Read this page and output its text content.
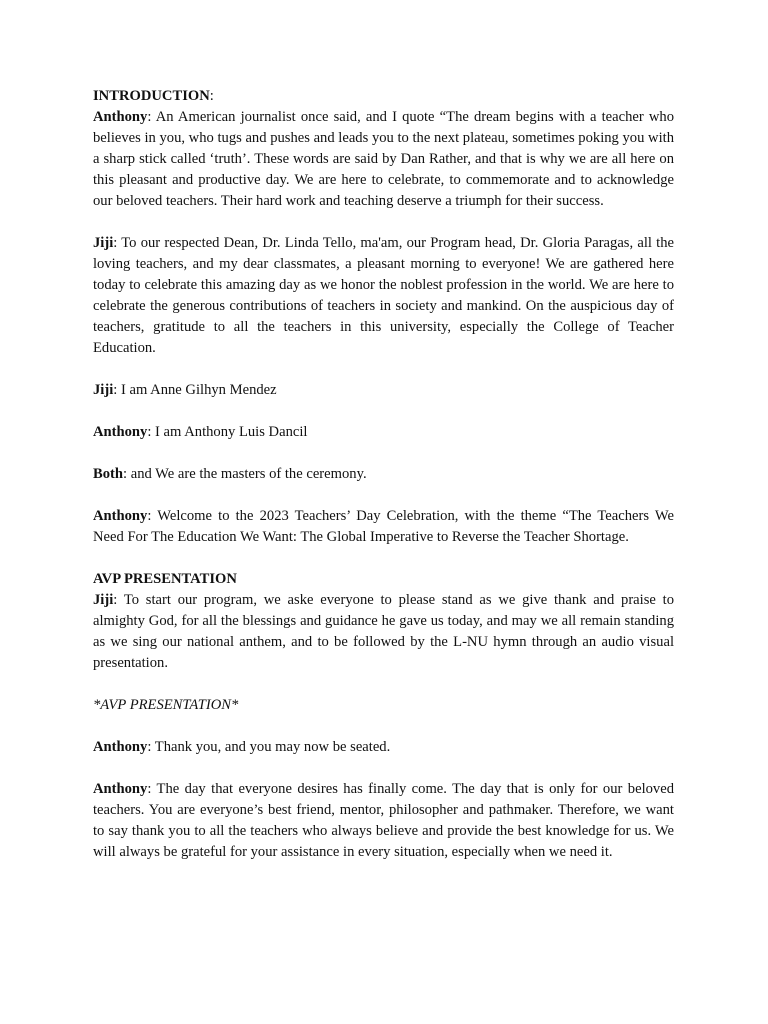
INTRODUCTION:
Anthony: An American journalist once said, and I quote “The dream begins with a teacher who believes in you, who tugs and pushes and leads you to the next plateau, sometimes poking you with a sharp stick called ‘truth’. These words are said by Dan Rather, and that is why we are all here on this pleasant and productive day. We are here to celebrate, to commemorate and to acknowledge our beloved teachers. Their hard work and teaching deserve a triumph for their success.

Jiji: To our respected Dean, Dr. Linda Tello, ma'am, our Program head, Dr. Gloria Paragas, all the loving teachers, and my dear classmates, a pleasant morning to everyone! We are gathered here today to celebrate this amazing day as we honor the noblest profession in the world. We are here to celebrate the generous contributions of teachers in society and mankind. On the auspicious day of teachers, gratitude to all the teachers in this university, especially the College of Teacher Education.

Jiji: I am Anne Gilhyn Mendez

Anthony: I am Anthony Luis Dancil

Both: and We are the masters of the ceremony.

Anthony: Welcome to the 2023 Teachers’ Day Celebration, with the theme “The Teachers We Need For The Education We Want: The Global Imperative to Reverse the Teacher Shortage.

AVP PRESENTATION
Jiji: To start our program, we aske everyone to please stand as we give thank and praise to almighty God, for all the blessings and guidance he gave us today, and may we all remain standing as we sing our national anthem, and to be followed by the L-NU hymn through an audio visual presentation.

*AVP PRESENTATION*

Anthony: Thank you, and you may now be seated.

Anthony: The day that everyone desires has finally come. The day that is only for our beloved teachers. You are everyone’s best friend, mentor, philosopher and pathmaker. Therefore, we want to say thank you to all the teachers who always believe and provide the best knowledge for us. We will always be grateful for your assistance in every situation, especially when we need it.
